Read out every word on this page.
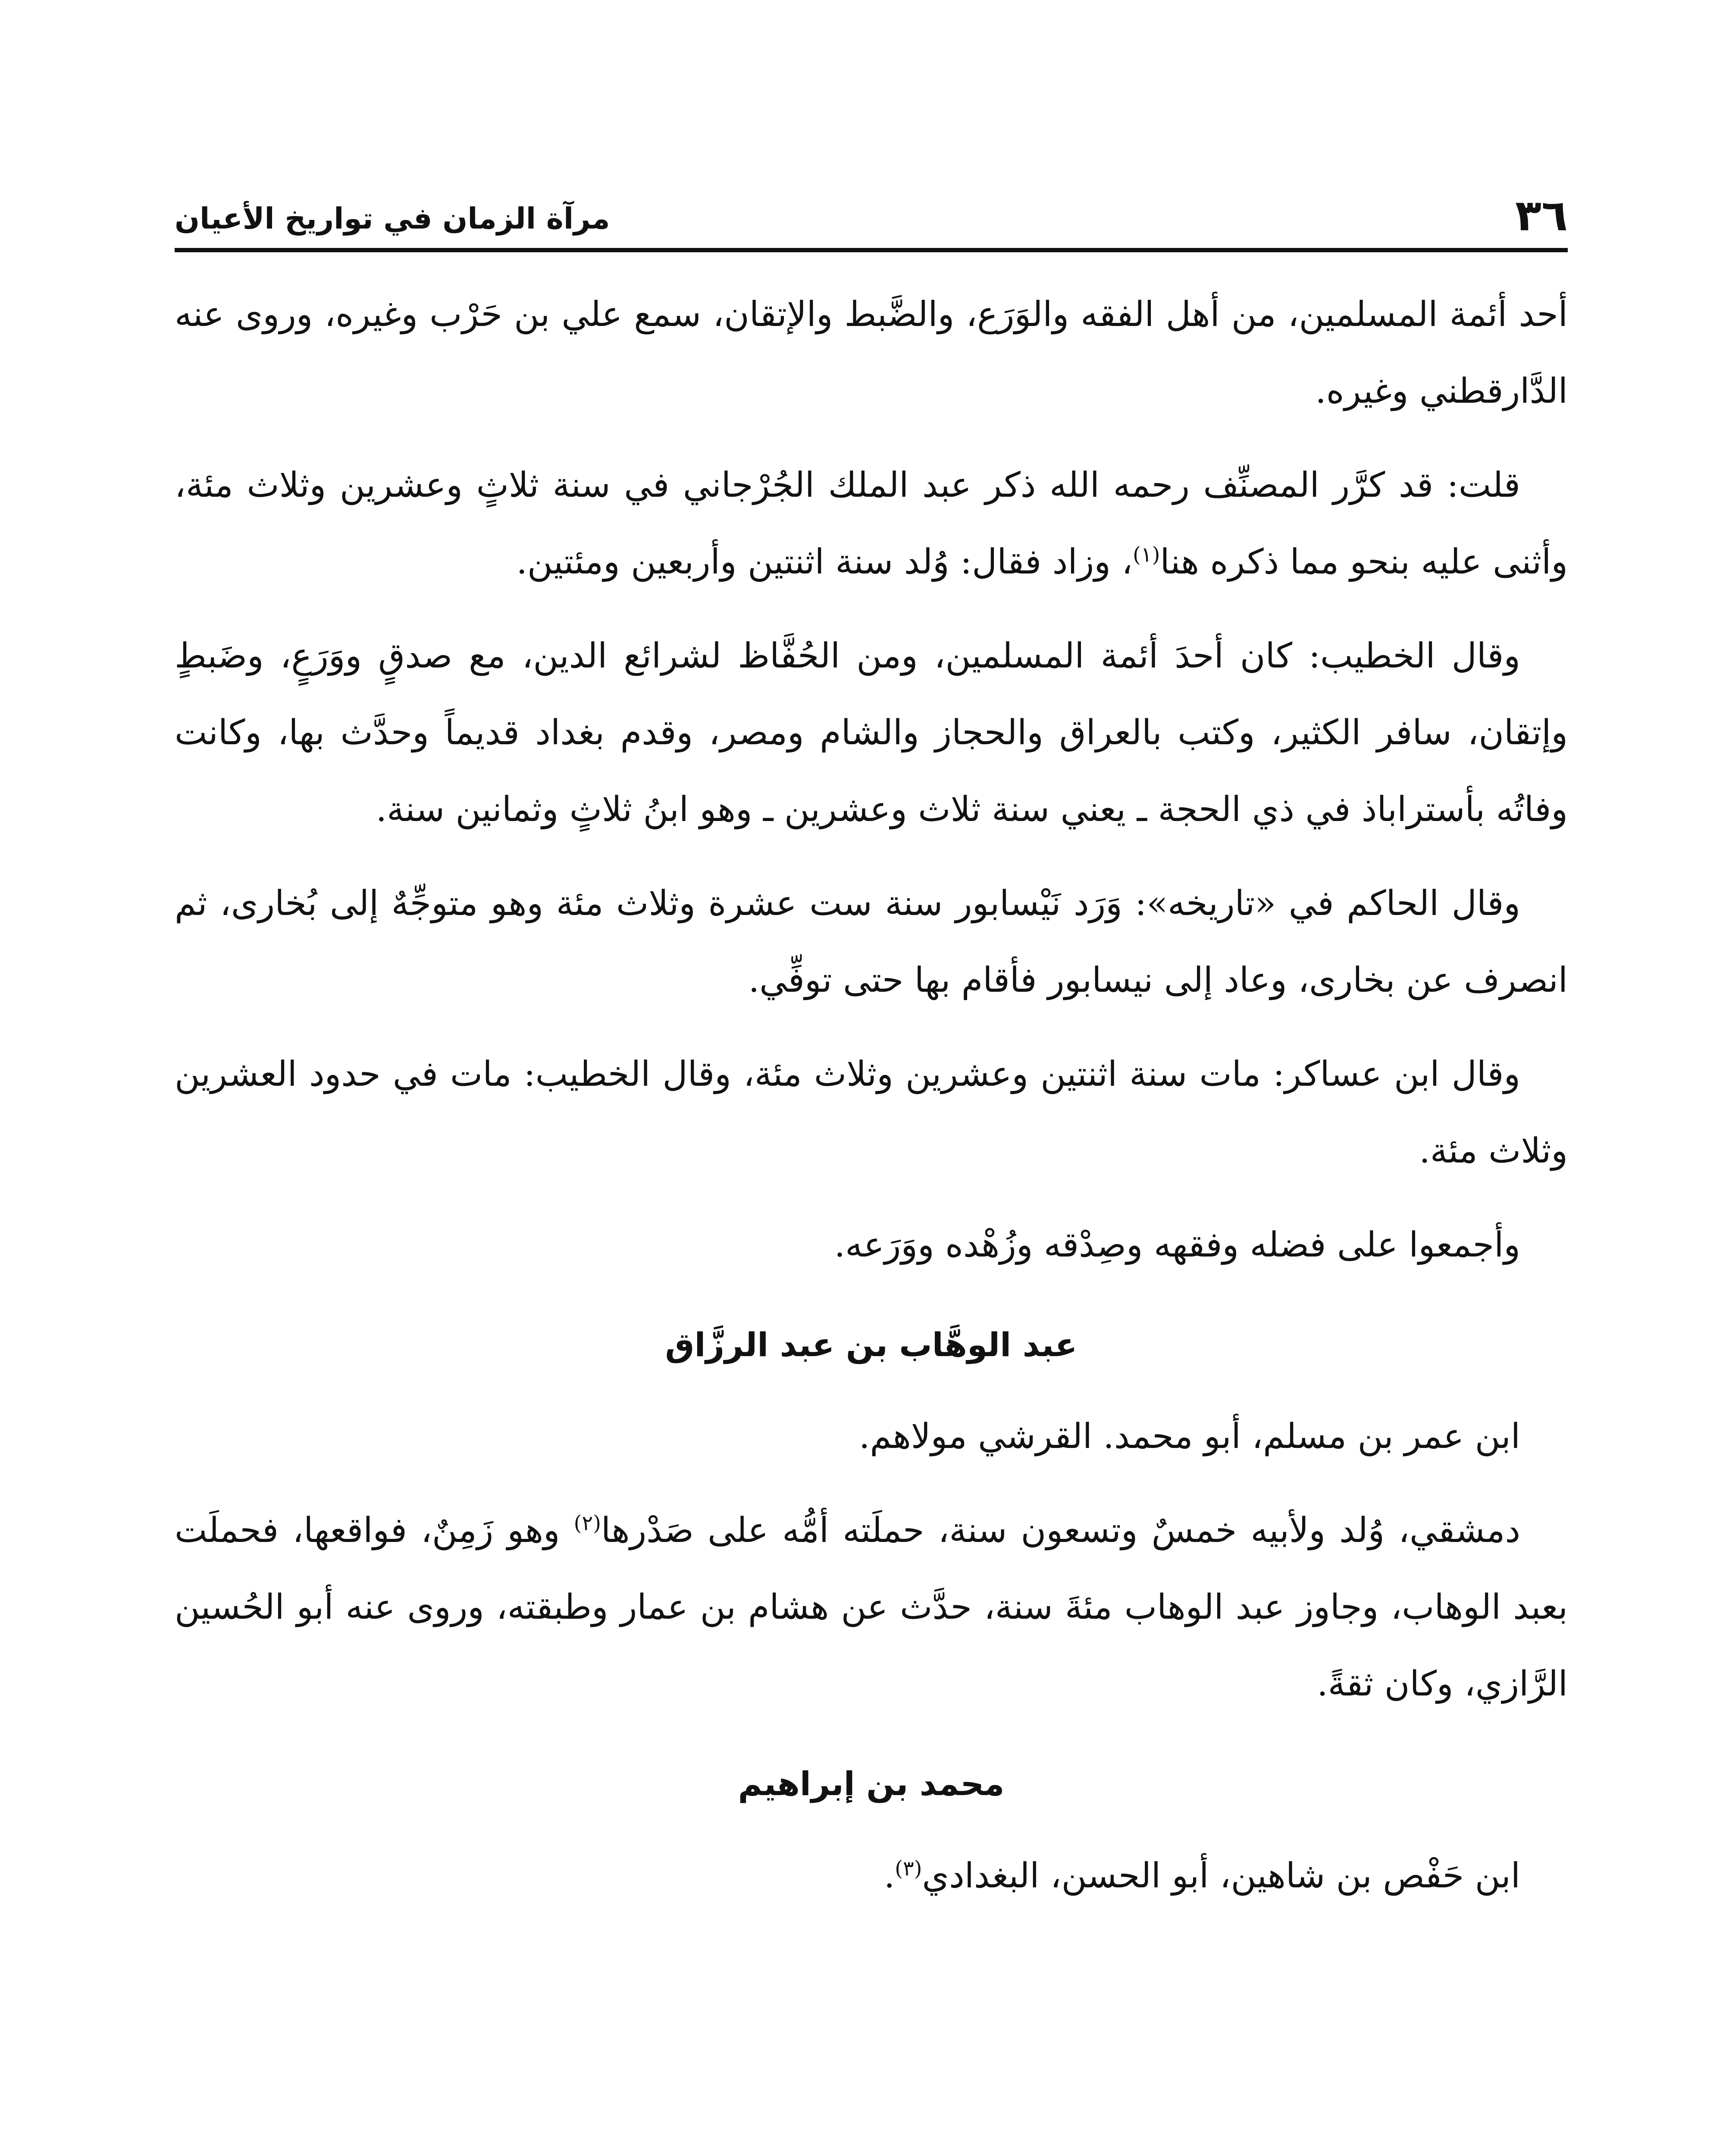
٣٦
مرآة الزمان في تواريخ الأعيان

أحد أئمة المسلمين، من أهل الفقه والوَرَع، والضَّبط والإتقان، سمع علي بن حَرْب وغيره، وروى عنه الدَّارقطني وغيره.

قلت: قد كرَّر المصنِّف رحمه الله ذكر عبد الملك الجُرْجاني في سنة ثلاثٍ وعشرين وثلاث مئة، وأثنى عليه بنحو مما ذكره هنا$^{(١)}$، وزاد فقال: وُلد سنة اثنتين وأربعين ومئتين.

وقال الخطيب: كان أحدَ أئمة المسلمين، ومن الحُفَّاظ لشرائع الدين، مع صدقٍ ووَرَعٍ، وضَبطٍ وإتقان، سافر الكثير، وكتب بالعراق والحجاز والشام ومصر، وقدم بغداد قديماً وحدَّث بها، وكانت وفاتُه بأستراباذ في ذي الحجة ـ يعني سنة ثلاث وعشرين ـ وهو ابنُ ثلاثٍ وثمانين سنة.

وقال الحاكم في «تاريخه»: وَرَد نَيْسابور سنة ست عشرة وثلاث مئة وهو متوجِّهٌ إلى بُخارى، ثم انصرف عن بخارى، وعاد إلى نيسابور فأقام بها حتى توفِّي.

وقال ابن عساكر: مات سنة اثنتين وعشرين وثلاث مئة، وقال الخطيب: مات في حدود العشرين وثلاث مئة.

وأجمعوا على فضله وفقهه وصِدْقه وزُهْده ووَرَعه.

عبد الوهَّاب بن عبد الرزَّاق

ابن عمر بن مسلم، أبو محمد. القرشي مولاهم.

دمشقي، وُلد ولأبيه خمسٌ وتسعون سنة، حملَته أمُّه على صَدْرها$^{(٢)}$ وهو زَمِنٌ، فواقعها، فحملَت بعبد الوهاب، وجاوز عبد الوهاب مئةَ سنة، حدَّث عن هشام بن عمار وطبقته، وروى عنه أبو الحُسين الرَّازي، وكان ثقةً.

محمد بن إبراهيم

ابن حَفْص بن شاهين، أبو الحسن، البغدادي$^{(٣)}$.
